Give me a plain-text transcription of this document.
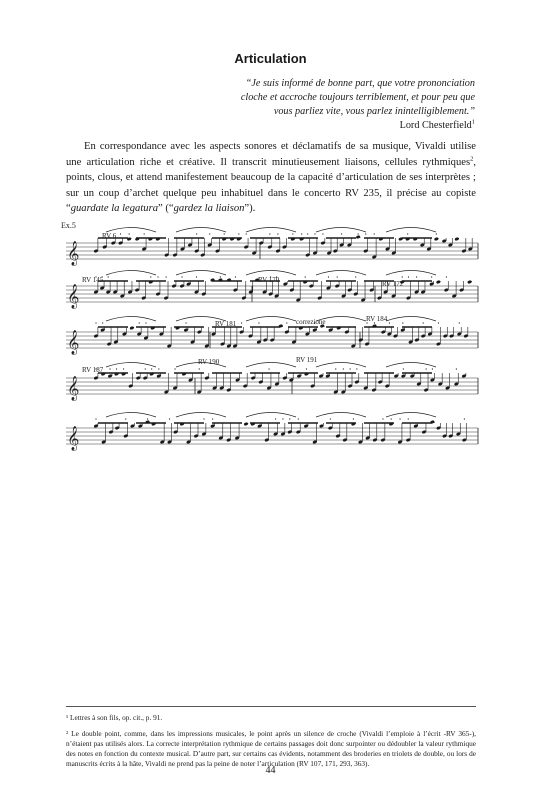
Articulation
“Je suis informé de bonne part, que votre prononciation
cloche et accroche toujours terriblement, et pour peu que
vous parliez vite, vous parlez inintelligiblement.”
Lord Chesterfield$^1$

En correspondance avec les aspects sonores et déclamatifs de sa musique, Vivaldi utilise une articulation riche et créative. Il transcrit minutieusement liaisons, cellules rythmiques$^2$, points, clous, et attend manifestement beaucoup de la capacité d’articulation de ses interprètes ; sur un coup d’archet quelque peu inhabituel dans le concerto RV 235, il précise au copiste “guardate la legatura” (“gardez la liaison”).

Ex.5
𝄞
𝄞
𝄞
𝄞
𝄞
RV 6
RV 145	RV 170	RV 172
RV 181	correzione	RV 184
RV 187
RV 190	RV 191

¹ Lettres à son fils, op. cit., p. 91.

² Le double point, comme, dans les impressions musicales, le point après un silence de croche (Vivaldi l’emploie à l’écrit -RV 365-), n’étaient pas utilisés alors. La correcte interprétation rythmique de certains passages doit donc surpointer ou dédoubler la valeur rythmique des notes en fonction du contexte musical. D’autre part, sur certains cas évidents, notamment des broderies en triolets de double, ou lors de manuscrits écrits à la hâte, Vivaldi ne prend pas la peine de noter l’articulation (RV 107, 171, 293, 363).

44
